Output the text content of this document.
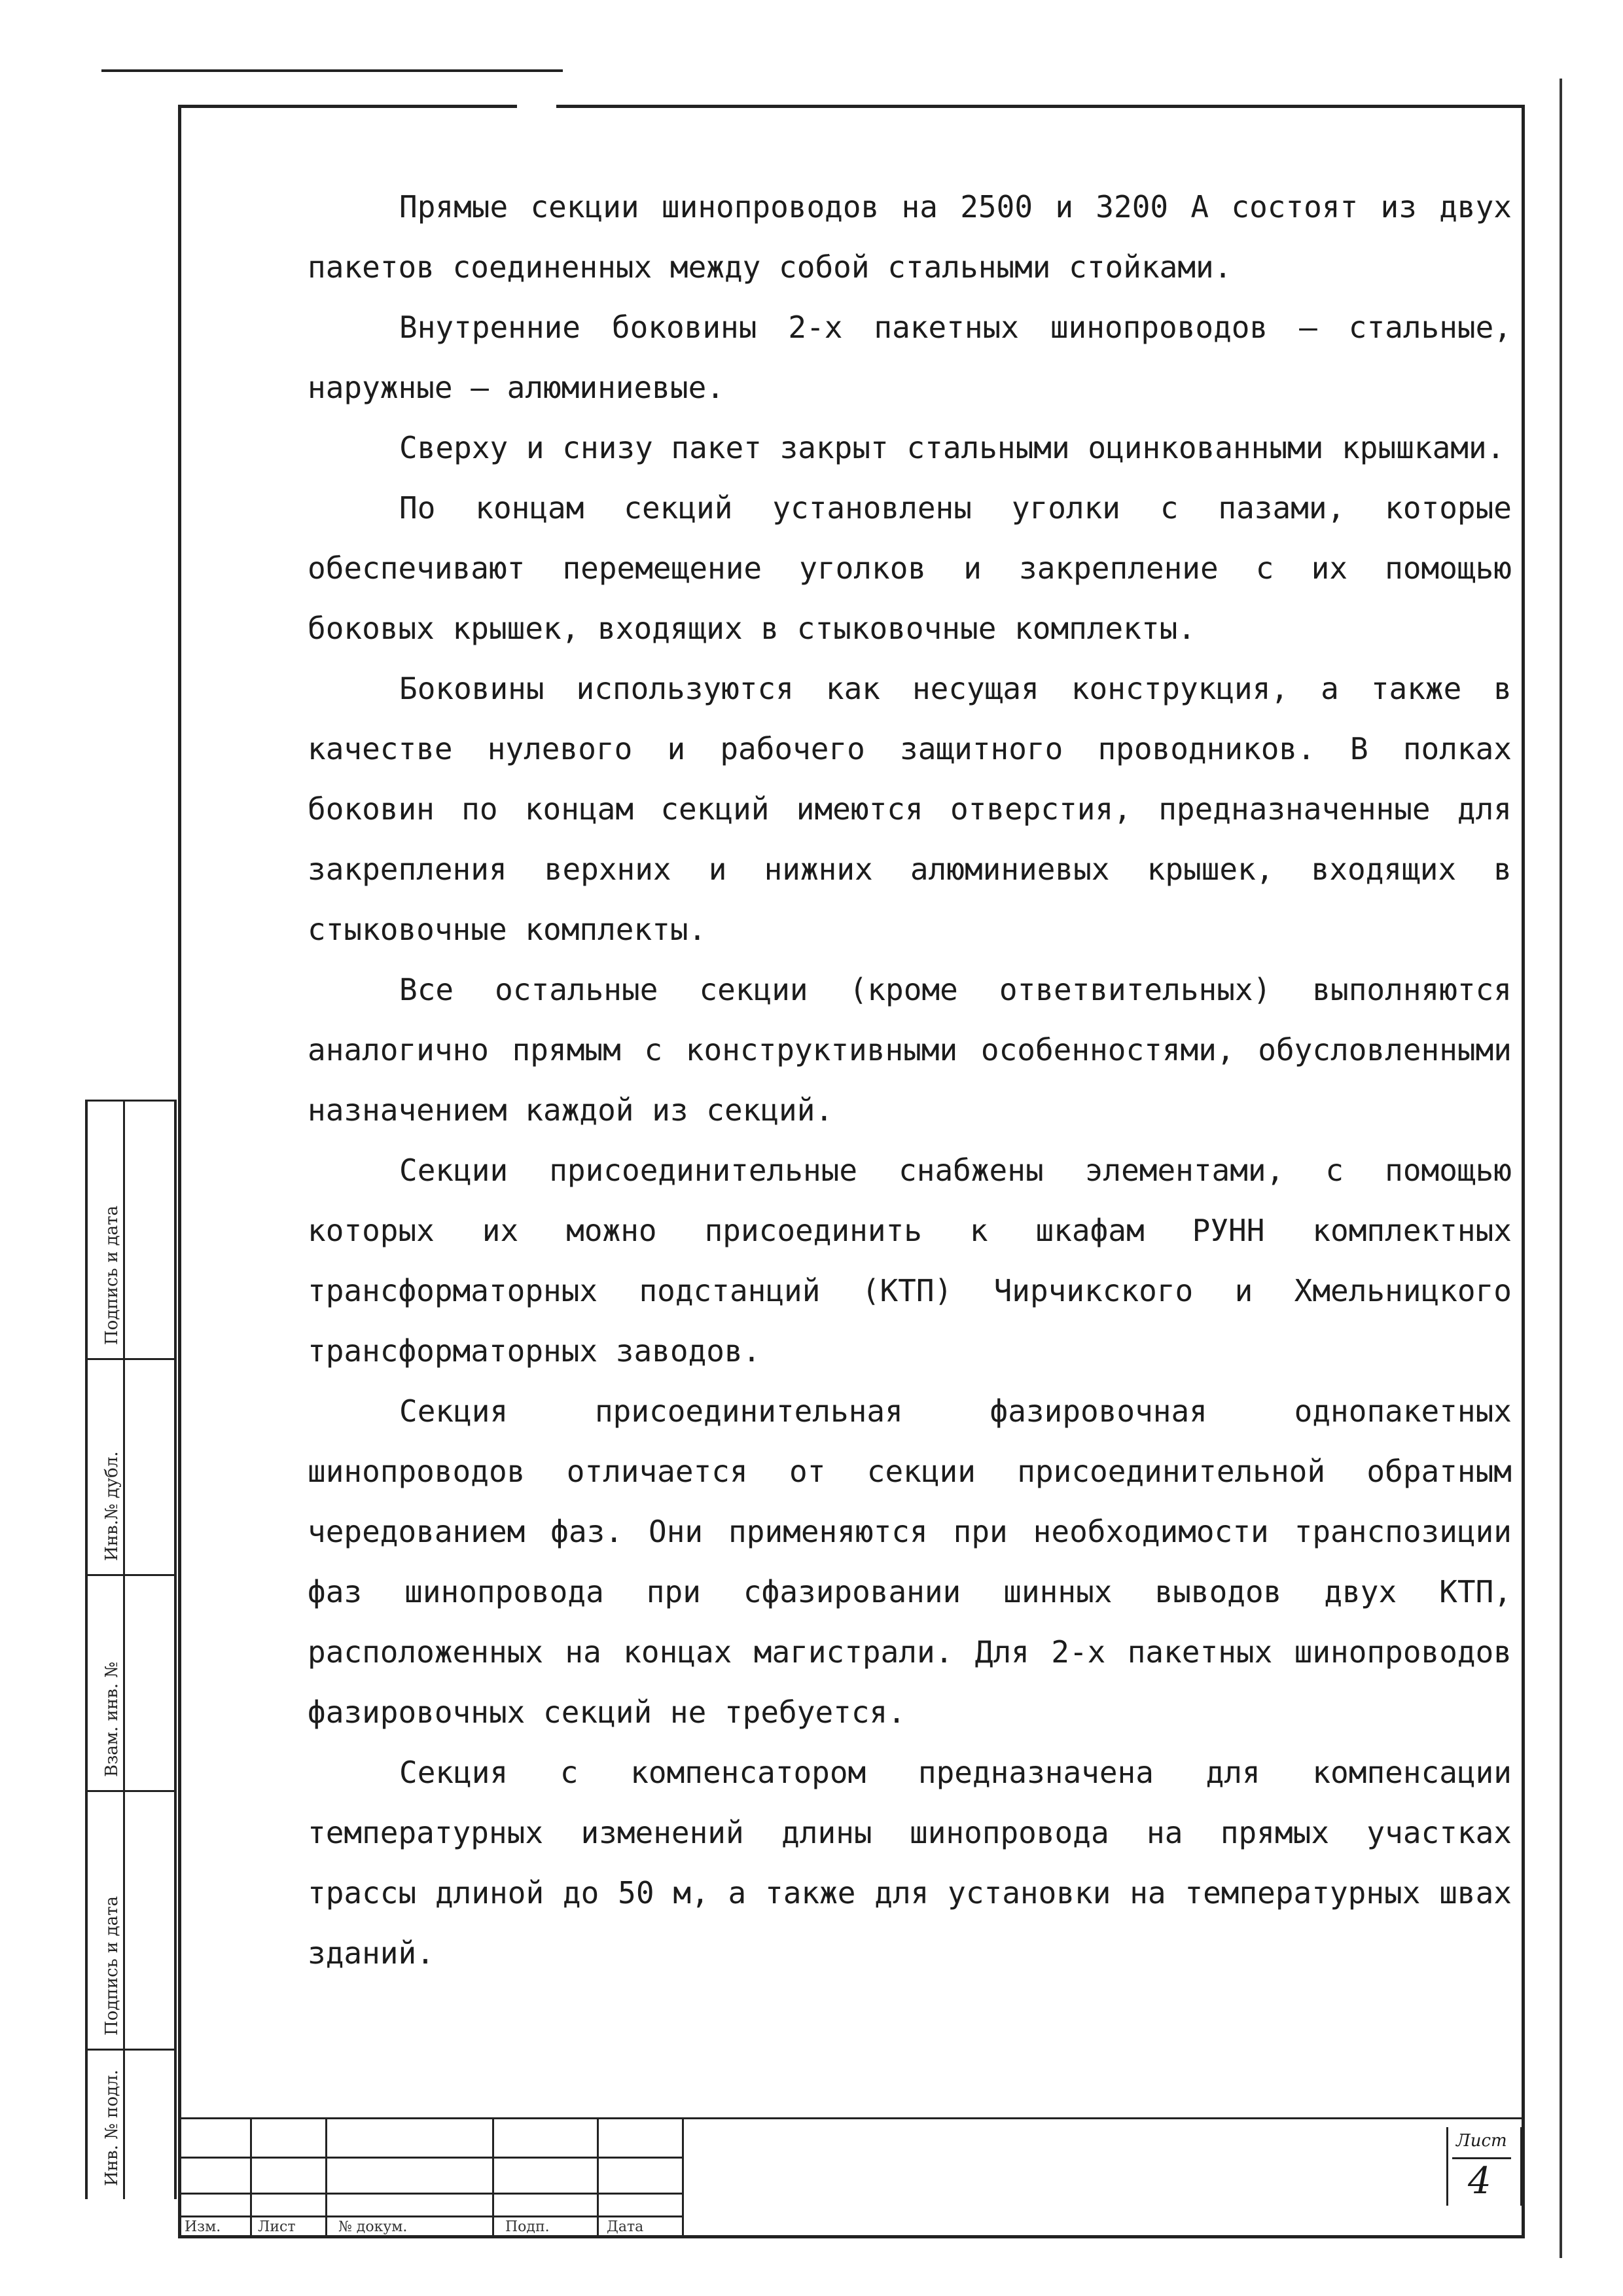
Прямые секции шинопроводов на 2500 и 3200 А состоят из двух пакетов соединенных между собой стальными стойками.

Внутренние боковины 2-х пакетных шинопроводов – стальные, наружные – алюминиевые.

Сверху и снизу пакет закрыт стальными оцинкованными крышками.

По концам секций установлены уголки с пазами, которые обеспечивают перемещение уголков и закрепление с их помощью боковых крышек, входящих в стыковочные комплекты.

Боковины используются как несущая конструкция, а также в качестве нулевого и рабочего защитного проводников. В полках боковин по концам секций имеются отверстия, предназначенные для закрепления верхних и нижних алюминиевых крышек, входящих в стыковочные комплекты.

Все остальные секции (кроме ответвительных) выполняются аналогично прямым с конструктивными особенностями, обусловленными назначением каждой из секций.

Секции присоединительные снабжены элементами, с помощью которых их можно присоединить к шкафам РУНН комплектных трансформаторных подстанций (КТП) Чирчикского и Хмельницкого трансформаторных заводов.

Секция присоединительная фазировочная однопакетных шинопроводов отличается от секции присоединительной обратным чередованием фаз. Они применяются при необходимости транспозиции фаз шинопровода при сфазировании шинных выводов двух КТП, расположенных на концах магистрали. Для 2-х пакетных шинопроводов фазировочных секций не требуется.

Секция с компенсатором предназначена для компенсации температурных изменений длины шинопровода на прямых участках трассы длиной до 50 м, а также для установки на температурных швах зданий.

Подпись и дата
Инв.№ дубл.
Взам. инв. №
Подпись и дата
Инв. № подл.
Изм.	Лист	№ докум.	Подп.	Дата
Лист
4
